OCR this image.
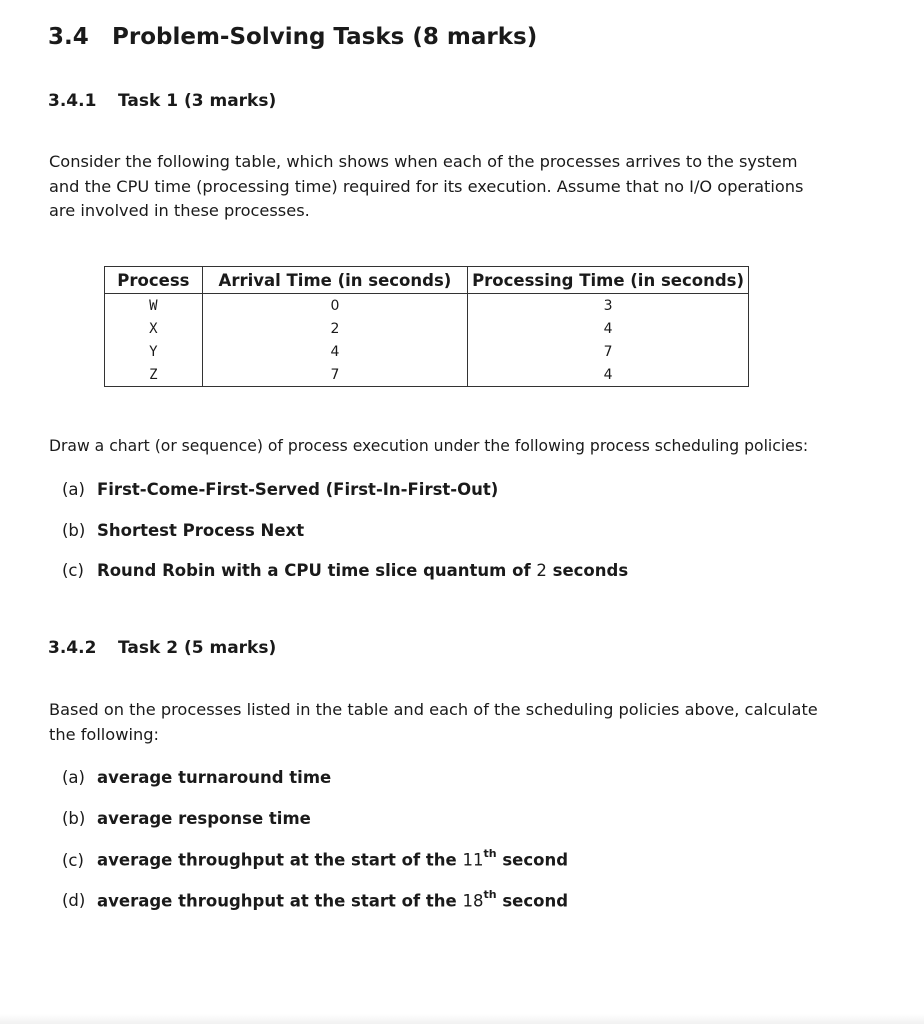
3.4 Problem-Solving Tasks (8 marks)
3.4.1 Task 1 (3 marks)
Consider the following table, which shows when each of the processes arrives to the system
and the CPU time (processing time) required for its execution. Assume that no I/O operations
are involved in these processes.
Process	Arrival Time (in seconds)	Processing Time (in seconds)
W	0	3
X	2	4
Y	4	7
Z	7	4
Draw a chart (or sequence) of process execution under the following process scheduling policies:
(a) First-Come-First-Served (First-In-First-Out)
(b) Shortest Process Next
(c) Round Robin with a CPU time slice quantum of 2 seconds
3.4.2 Task 2 (5 marks)
Based on the processes listed in the table and each of the scheduling policies above, calculate
the following:
(a) average turnaround time
(b) average response time
(c) average throughput at the start of the 11th second
(d) average throughput at the start of the 18th second
